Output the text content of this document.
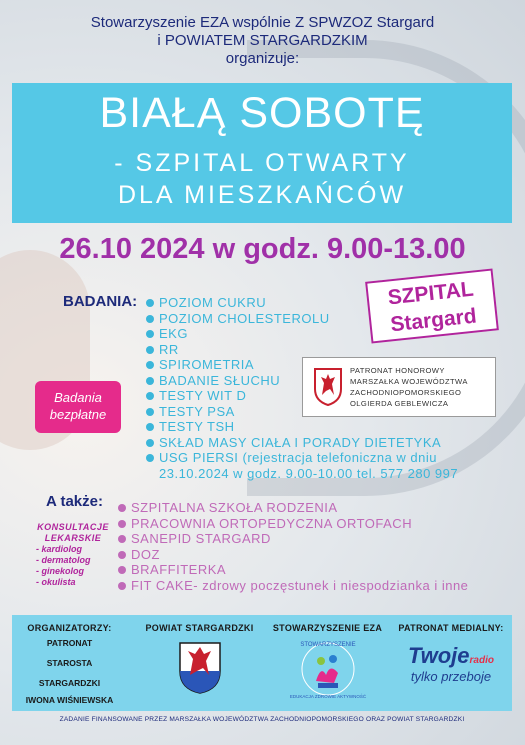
Stowarzyszenie EZA wspólnie Z SPWZOZ Stargard
i POWIATEM STARGARDZKIM
organizuje:
BIAŁĄ SOBOTĘ
- SZPITAL OTWARTY
DLA MIESZKAŃCÓW
26.10 2024 w godz. 9.00-13.00
BADANIA:	POZIOM CUKRU
POZIOM CHOLESTEROLU
EKG
RR
SPIROMETRIA
BADANIE SŁUCHU
TESTY WIT D
TESTY PSA
TESTY TSH
SKŁAD MASY CIAŁA I PORADY DIETETYKA
USG PIERSI (rejestracja telefoniczna w dniu 23.10.2024 w godz. 9.00-10.00 tel. 577 280 997
SZPITAL
Stargard
Badania
bezpłatne
PATRONAT HONOROWY
MARSZAŁKA WOJEWÓDZTWA
ZACHODNIOPOMORSKIEGO
OLGIERDA GEBLEWICZA
A także:	SZPITALNA SZKOŁA RODZENIA
PRACOWNIA ORTOPEDYCZNA ORTOFACH
SANEPID STARGARD
DOZ
BRAFFITERKA
FIT CAKE- zdrowy poczęstunek i niespodzianka i inne
KONSULTACJE
LEKARSKIE
- kardiolog
- dermatolog
- ginekolog
- okulista
ORGANIZATORZY:
PATRONAT
STAROSTA
STARGARDZKI
IWONA WIŚNIEWSKA
POWIAT STARGARDZKI	STOWARZYSZENIE EZA
STOWARZYSZENIE
EDUKACJA ZDROWIE AKTYWNOŚĆ
PATRONAT MEDIALNY:
Twojeradio
tylko przeboje
ZADANIE FINANSOWANE PRZEZ MARSZAŁKA WOJEWÓDZTWA ZACHODNIOPOMORSKIEGO ORAZ POWIAT STARGARDZKI
